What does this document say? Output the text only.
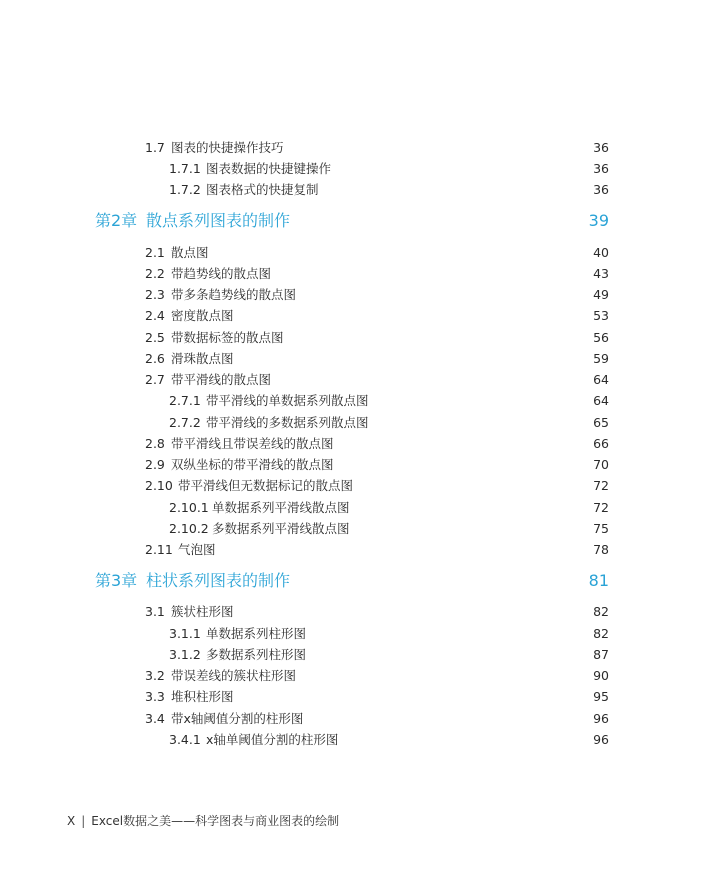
1.7 图表的快捷操作技巧	36
1.7.1 图表数据的快捷键操作	36
1.7.2 图表格式的快捷复制	36
第2章 散点系列图表的制作	39
2.1 散点图	40
2.2 带趋势线的散点图	43
2.3 带多条趋势线的散点图	49
2.4 密度散点图	53
2.5 带数据标签的散点图	56
2.6 滑珠散点图	59
2.7 带平滑线的散点图	64
2.7.1 带平滑线的单数据系列散点图	64
2.7.2 带平滑线的多数据系列散点图	65
2.8 带平滑线且带误差线的散点图	66
2.9 双纵坐标的带平滑线的散点图	70
2.10 带平滑线但无数据标记的散点图	72
2.10.1 单数据系列平滑线散点图	72
2.10.2 多数据系列平滑线散点图	75
2.11 气泡图	78
第3章 柱状系列图表的制作	81
3.1 簇状柱形图	82
3.1.1 单数据系列柱形图	82
3.1.2 多数据系列柱形图	87
3.2 带误差线的簇状柱形图	90
3.3 堆积柱形图	95
3.4 带x轴阈值分割的柱形图	96
3.4.1 x轴单阈值分割的柱形图	96
X | Excel数据之美——科学图表与商业图表的绘制
